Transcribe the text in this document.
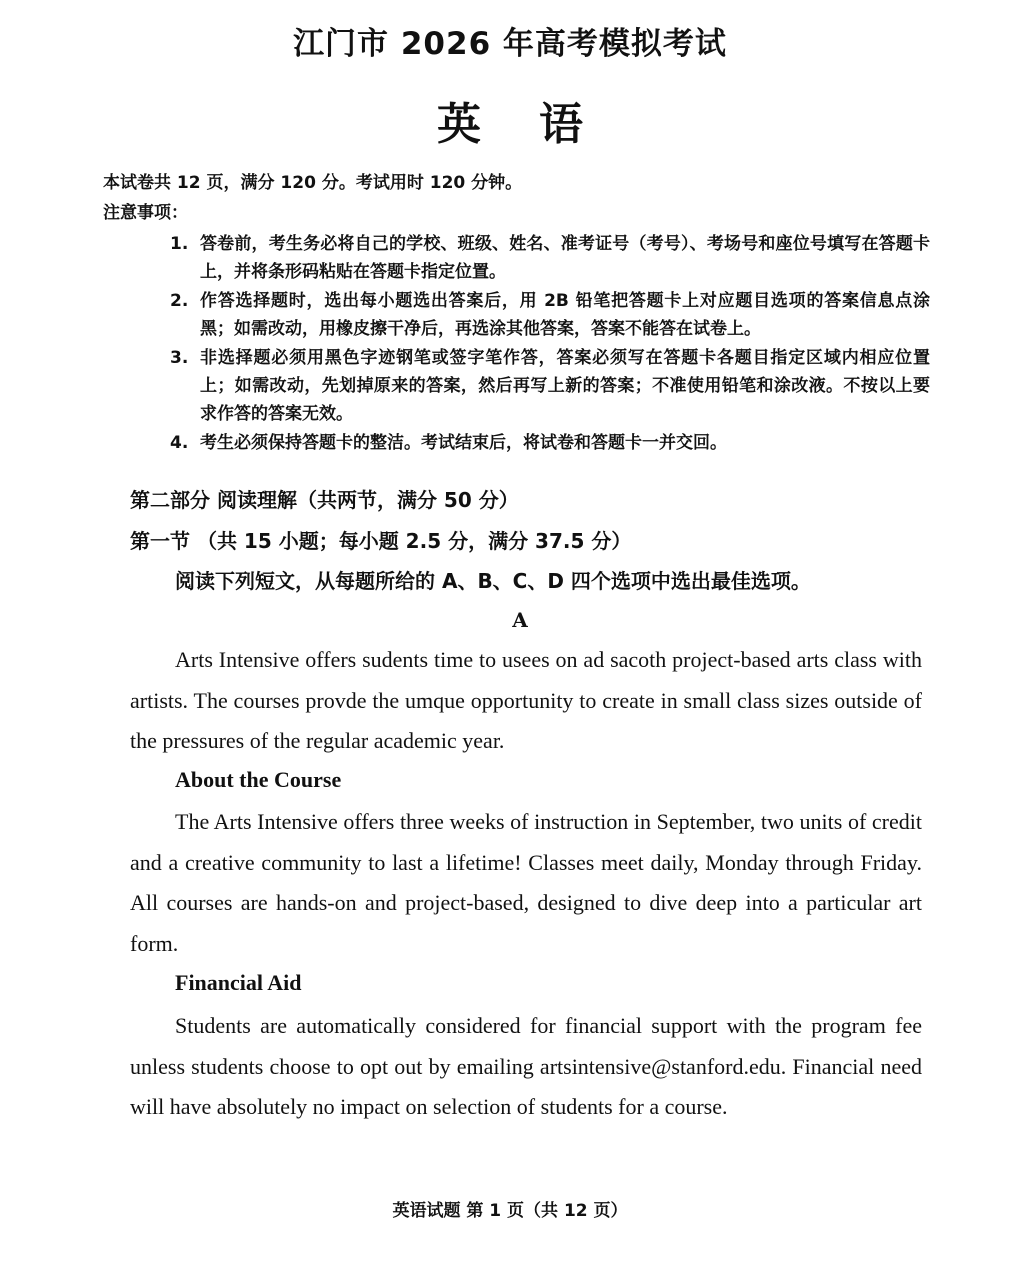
江门市 2026 年高考模拟考试
英语
本试卷共 12 页，满分 120 分。考试用时 120 分钟。
注意事项：
1. 答卷前，考生务必将自己的学校、班级、姓名、准考证号（考号）、考场号和座位号填写在答题卡上，并将条形码粘贴在答题卡指定位置。
2. 作答选择题时，选出每小题选出答案后，用 2B 铅笔把答题卡上对应题目选项的答案信息点涂黑；如需改动，用橡皮擦干净后，再选涂其他答案，答案不能答在试卷上。
3. 非选择题必须用黑色字迹钢笔或签字笔作答，答案必须写在答题卡各题目指定区域内相应位置上；如需改动，先划掉原来的答案，然后再写上新的答案；不准使用铅笔和涂改液。不按以上要求作答的答案无效。
4. 考生必须保持答题卡的整洁。考试结束后，将试卷和答题卡一并交回。
第二部分 阅读理解（共两节，满分 50 分）
第一节 （共 15 小题；每小题 2.5 分，满分 37.5 分）
阅读下列短文，从每题所给的 A、B、C、D 四个选项中选出最佳选项。
A

Arts Intensive offers sudents time to usees on ad sacoth project-based arts class with artists. The courses provde the umque opportunity to create in small class sizes outside of the pressures of the regular academic year.

About the Course

The Arts Intensive offers three weeks of instruction in September, two units of credit and a creative community to last a lifetime! Classes meet daily, Monday through Friday. All courses are hands-on and project-based, designed to dive deep into a particular art form.

Financial Aid

Students are automatically considered for financial support with the program fee unless students choose to opt out by emailing artsintensive@stanford.edu. Financial need will have absolutely no impact on selection of students for a course.

英语试题 第 1 页（共 12 页）
